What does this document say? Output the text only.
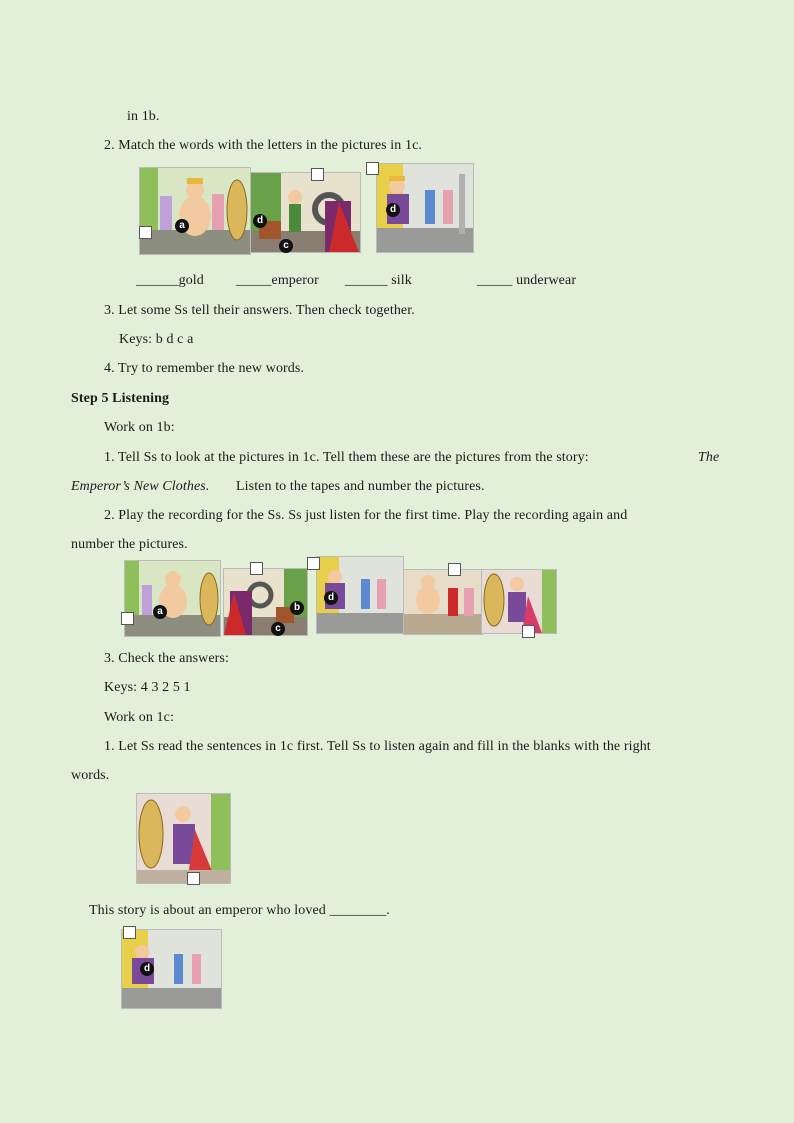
in 1b.
2. Match the words with the letters in the pictures in 1c.
a	d
c
d
______gold _____emperor ______ silk	_____ underwear
3. Let some Ss tell their answers. Then check together.
Keys: b d c a
4. Try to remember the new words.
Step 5 Listening
Work on 1b:
1. Tell Ss to look at the pictures in 1c. Tell them these are the pictures from the story:	The
Emperor’s New Clothes. Listen to the tapes and number the pictures.
2. Play the recording for the Ss. Ss just listen for the first time. Play the recording again and
number the pictures.
a	b
c
d
3. Check the answers:
Keys: 4 3 2 5 1
Work on 1c:
1. Let Ss read the sentences in 1c first. Tell Ss to listen again and fill in the blanks with the right
words.
This story is about an emperor who loved ________.
d
